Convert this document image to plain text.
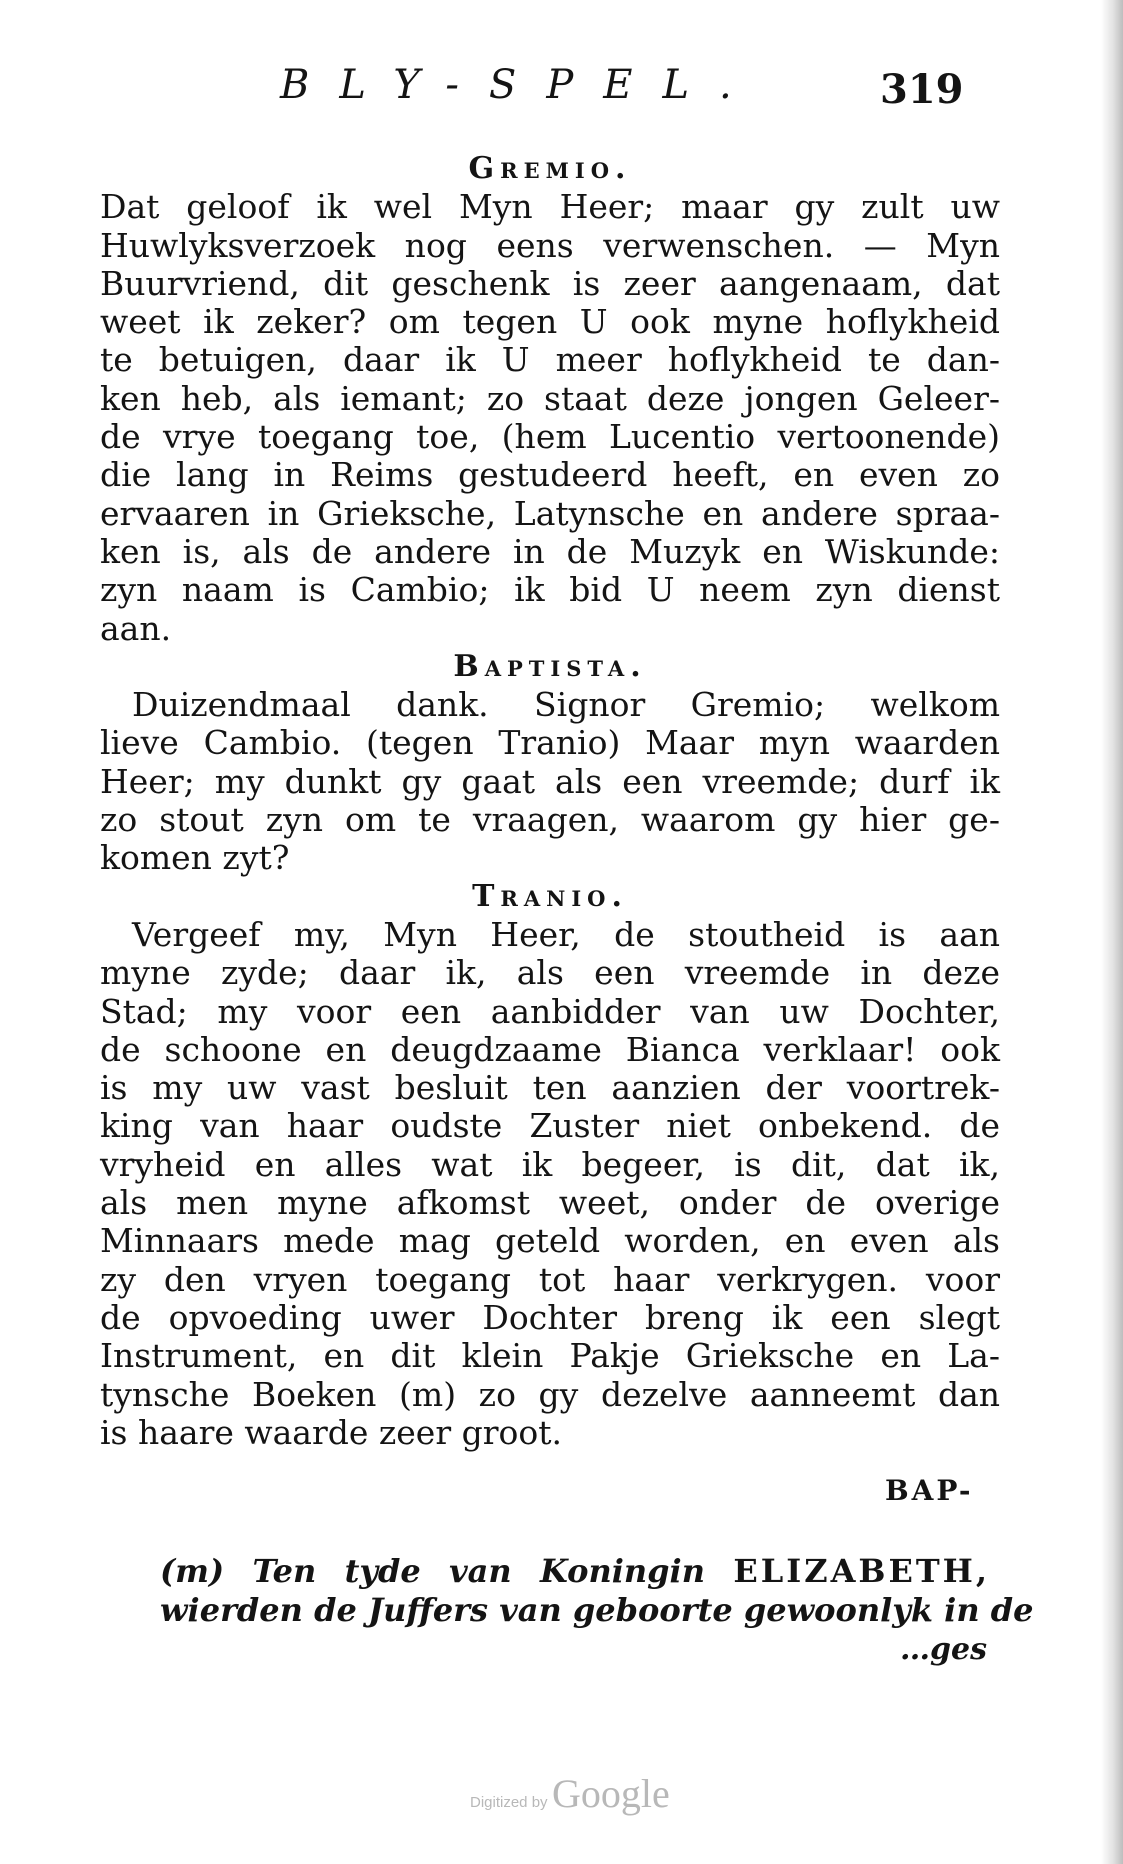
BLY-SPEL.	319
Gremio.
Dat geloof ik wel Myn Heer; maar gy zult uw
Huwlyksverzoek nog eens verwenschen. — Myn
Buurvriend, dit geschenk is zeer aangenaam, dat
weet ik zeker? om tegen U ook myne hoflykheid
te betuigen, daar ik U meer hoflykheid te dan-
ken heb, als iemant; zo staat deze jongen Geleer-
de vrye toegang toe, (hem Lucentio vertoonende)
die lang in Reims gestudeerd heeft, en even zo
ervaaren in Grieksche, Latynsche en andere spraa-
ken is, als de andere in de Muzyk en Wiskunde:
zyn naam is Cambio; ik bid U neem zyn dienst
aan.
Baptista.
Duizendmaal dank. Signor Gremio; welkom
lieve Cambio. (tegen Tranio) Maar myn waarden
Heer; my dunkt gy gaat als een vreemde; durf ik
zo stout zyn om te vraagen, waarom gy hier ge-
komen zyt?
Tranio.
Vergeef my, Myn Heer, de stoutheid is aan
myne zyde; daar ik, als een vreemde in deze
Stad; my voor een aanbidder van uw Dochter,
de schoone en deugdzaame Bianca verklaar! ook
is my uw vast besluit ten aanzien der voortrek-
king van haar oudste Zuster niet onbekend. de
vryheid en alles wat ik begeer, is dit, dat ik,
als men myne afkomst weet, onder de overige
Minnaars mede mag geteld worden, en even als
zy den vryen toegang tot haar verkrygen. voor
de opvoeding uwer Dochter breng ik een slegt
Instrument, en dit klein Pakje Grieksche en La-
tynsche Boeken (m) zo gy dezelve aanneemt dan
is haare waarde zeer groot.
BAP-
(m) Ten tyde van Koningin ELIZABETH,
wierden de Juffers van geboorte gewoonlyk in de
…ges
Digitized by Google
